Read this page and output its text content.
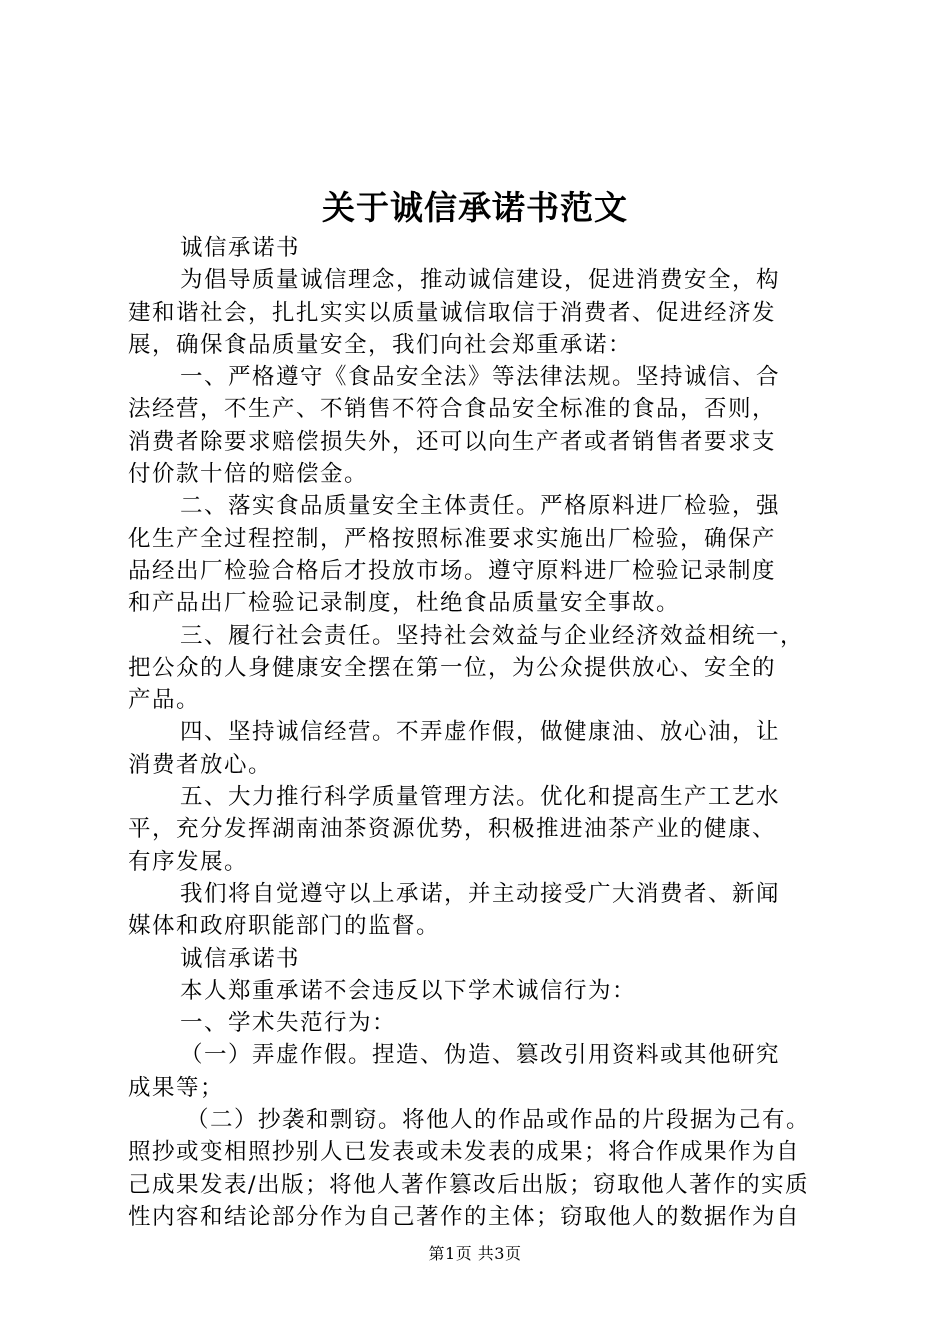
关于诚信承诺书范文
诚信承诺书
为倡导质量诚信理念，推动诚信建设，促进消费安全，构
建和谐社会，扎扎实实以质量诚信取信于消费者、促进经济发
展，确保食品质量安全，我们向社会郑重承诺：
一、严格遵守《食品安全法》等法律法规。坚持诚信、合
法经营，不生产、不销售不符合食品安全标准的食品，否则，
消费者除要求赔偿损失外，还可以向生产者或者销售者要求支
付价款十倍的赔偿金。
二、落实食品质量安全主体责任。严格原料进厂检验，强
化生产全过程控制，严格按照标准要求实施出厂检验，确保产
品经出厂检验合格后才投放市场。遵守原料进厂检验记录制度
和产品出厂检验记录制度，杜绝食品质量安全事故。
三、履行社会责任。坚持社会效益与企业经济效益相统一，
把公众的人身健康安全摆在第一位，为公众提供放心、安全的
产品。
四、坚持诚信经营。不弄虚作假，做健康油、放心油，让
消费者放心。
五、大力推行科学质量管理方法。优化和提高生产工艺水
平，充分发挥湖南油茶资源优势，积极推进油茶产业的健康、
有序发展。
我们将自觉遵守以上承诺，并主动接受广大消费者、新闻
媒体和政府职能部门的监督。
诚信承诺书
本人郑重承诺不会违反以下学术诚信行为：
一、学术失范行为：
（一）弄虚作假。捏造、伪造、篡改引用资料或其他研究
成果等；
（二）抄袭和剽窃。将他人的作品或作品的片段据为己有。
照抄或变相照抄别人已发表或未发表的成果；将合作成果作为自
己成果发表/出版；将他人著作篡改后出版；窃取他人著作的实质
性内容和结论部分作为自己著作的主体；窃取他人的数据作为自
第1页 共3页
